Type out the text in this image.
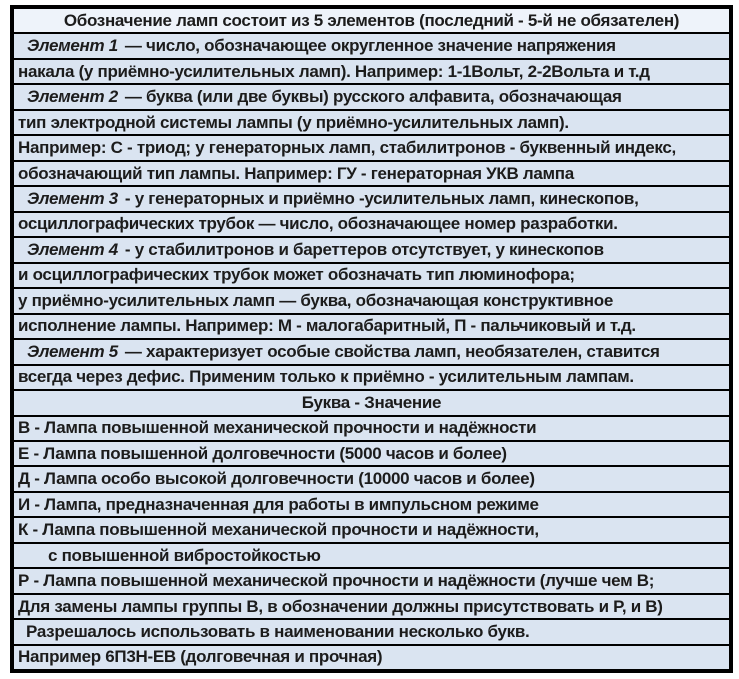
Обозначение ламп состоит из 5 элементов (последний - 5-й не обязателен)
Элемент 1 — число, обозначающее округленное значение напряжения
накала (у приёмно-усилительных ламп). Например: 1-1Вольт, 2-2Вольта и т.д
Элемент 2 — буква (или две буквы) русского алфавита, обозначающая
тип электродной системы лампы (у приёмно-усилительных ламп).
Например: С - триод; у генераторных ламп, стабилитронов - буквенный индекс,
обозначающий тип лампы. Например: ГУ - генераторная УКВ лампа
Элемент 3 - у генераторных и приёмно -усилительных ламп, кинескопов,
осциллографических трубок — число, обозначающее номер разработки.
Элемент 4 - у стабилитронов и бареттеров отсутствует, у кинескопов
и осциллографических трубок может обозначать тип люминофора;
у приёмно-усилительных ламп — буква, обозначающая конструктивное
исполнение лампы. Например: М - малогабаритный, П - пальчиковый и т.д.
Элемент 5 — характеризует особые свойства ламп, необязателен, ставится
всегда через дефис. Применим только к приёмно - усилительным лампам.
Буква - Значение
В - Лампа повышенной механической прочности и надёжности
Е - Лампа повышенной долговечности (5000 часов и более)
Д - Лампа особо высокой долговечности (10000 часов и более)
И - Лампа, предназначенная для работы в импульсном режиме
К - Лампа повышенной механической прочности и надёжности,
с повышенной вибростойкостью
Р - Лампа повышенной механической прочности и надёжности (лучше чем В;
Для замены лампы группы В, в обозначении должны присутствовать и Р, и В)
Разрешалось использовать в наименовании несколько букв.
Например 6П3Н-ЕВ (долговечная и прочная)
